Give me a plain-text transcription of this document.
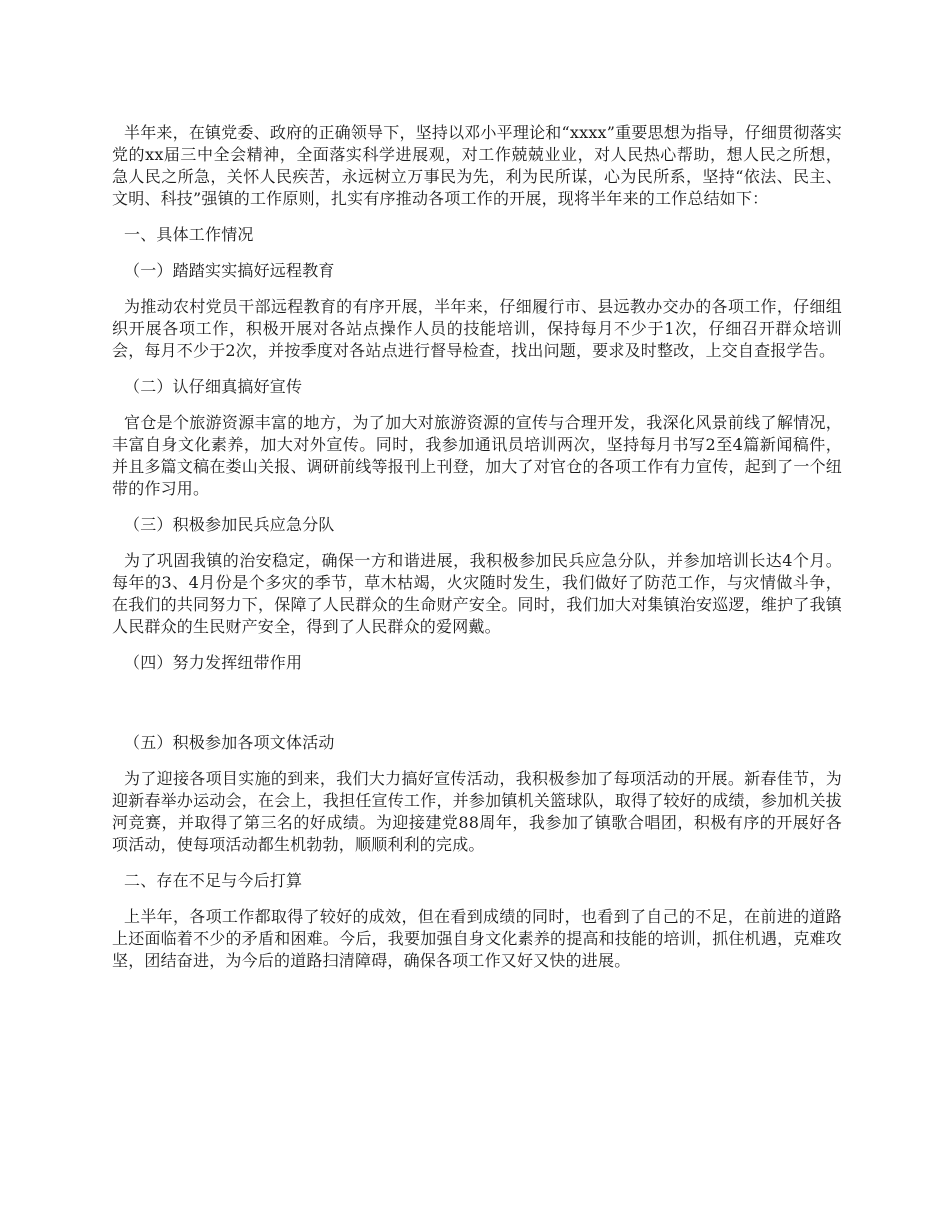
半年来，在镇党委、政府的正确领导下，坚持以邓小平理论和“xxxx”重要思想为指导，仔细贯彻落实党的xx届三中全会精神，全面落实科学进展观，对工作兢兢业业，对人民热心帮助，想人民之所想，急人民之所急，关怀人民疾苦，永远树立万事民为先，利为民所谋，心为民所系，坚持“依法、民主、文明、科技”强镇的工作原则，扎实有序推动各项工作的开展，现将半年来的工作总结如下：

一、具体工作情况
（一）踏踏实实搞好远程教育

为推动农村党员干部远程教育的有序开展，半年来，仔细履行市、县远教办交办的各项工作，仔细组织开展各项工作，积极开展对各站点操作人员的技能培训，保持每月不少于1次，仔细召开群众培训会，每月不少于2次，并按季度对各站点进行督导检查，找出问题，要求及时整改，上交自查报学告。

（二）认仔细真搞好宣传

官仓是个旅游资源丰富的地方，为了加大对旅游资源的宣传与合理开发，我深化风景前线了解情况，丰富自身文化素养，加大对外宣传。同时，我参加通讯员培训两次，坚持每月书写2至4篇新闻稿件，并且多篇文稿在娄山关报、调研前线等报刊上刊登，加大了对官仓的各项工作有力宣传，起到了一个纽带的作习用。

（三）积极参加民兵应急分队

为了巩固我镇的治安稳定，确保一方和谐进展，我积极参加民兵应急分队，并参加培训长达4个月。每年的3、4月份是个多灾的季节，草木枯竭，火灾随时发生，我们做好了防范工作，与灾情做斗争，在我们的共同努力下，保障了人民群众的生命财产安全。同时，我们加大对集镇治安巡逻，维护了我镇人民群众的生民财产安全，得到了人民群众的爱网戴。

（四）努力发挥纽带作用
（五）积极参加各项文体活动

为了迎接各项目实施的到来，我们大力搞好宣传活动，我积极参加了每项活动的开展。新春佳节，为迎新春举办运动会，在会上，我担任宣传工作，并参加镇机关篮球队，取得了较好的成绩，参加机关拔河竞赛，并取得了第三名的好成绩。为迎接建党88周年，我参加了镇歌合唱团，积极有序的开展好各项活动，使每项活动都生机勃勃，顺顺利利的完成。

二、存在不足与今后打算

上半年，各项工作都取得了较好的成效，但在看到成绩的同时，也看到了自己的不足，在前进的道路上还面临着不少的矛盾和困难。今后，我要加强自身文化素养的提高和技能的培训，抓住机遇，克难攻坚，团结奋进，为今后的道路扫清障碍，确保各项工作又好又快的进展。
